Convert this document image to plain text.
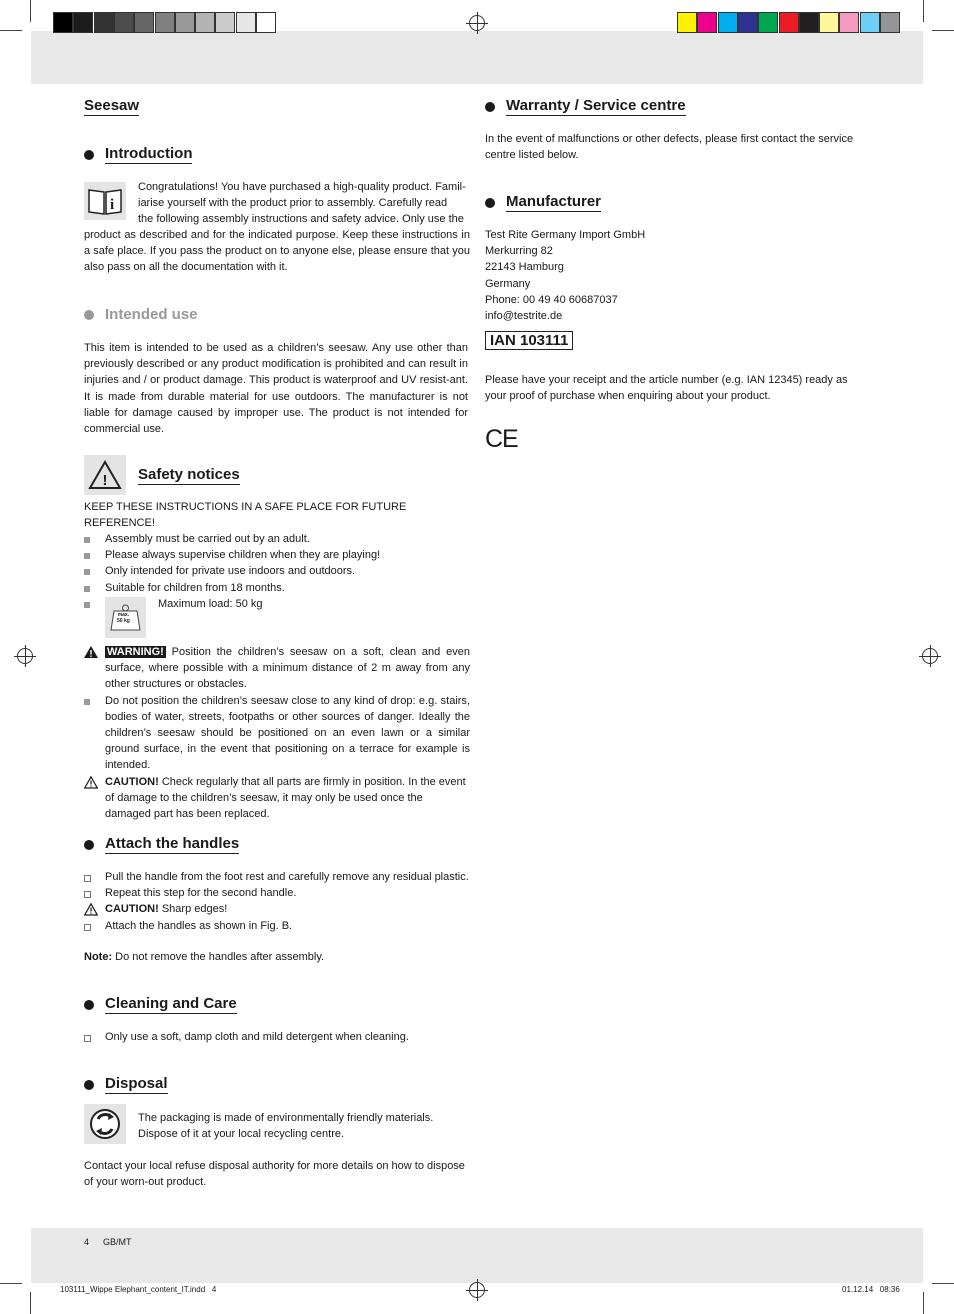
Seesaw
Introduction
i
Congratulations! You have purchased a high-quality product. Famil-
iarise yourself with the product prior to assembly. Carefully read
the following assembly instructions and safety advice. Only use the
product as described and for the indicated purpose. Keep these instructions in a safe place. If you pass the product on to anyone else, please ensure that you also pass on all the documentation with it.
Intended use
This item is intended to be used as a children’s seesaw. Any use other than previously described or any product modification is prohibited and can result in injuries and / or product damage. This product is waterproof and UV resist-ant. It is made from durable material for use outdoors. The manufacturer is not liable for damage caused by improper use. The product is not intended for commercial use.
! Safety notices
KEEP THESE INSTRUCTIONS IN A SAFE PLACE FOR FUTURE REFERENCE!
Assembly must be carried out by an adult.
Please always supervise children when they are playing!
Only intended for private use indoors and outdoors.
Suitable for children from 18 months.
max.
50 kg
Maximum load: 50 kg
WARNING! Position the children’s seesaw on a soft, clean and even surface, where possible with a minimum distance of 2 m away from any other structures or obstacles.
Do not position the children’s seesaw close to any kind of drop: e.g. stairs, bodies of water, streets, footpaths or other sources of danger. Ideally the children’s seesaw should be positioned on an even lawn or a similar ground surface, in the event that positioning on a terrace for example is intended.
CAUTION! Check regularly that all parts are firmly in position. In the event of damage to the children’s seesaw, it may only be used once the damaged part has been replaced.
Attach the handles
Pull the handle from the foot rest and carefully remove any residual plastic.
Repeat this step for the second handle.
CAUTION! Sharp edges!
Attach the handles as shown in Fig. B.
Note: Do not remove the handles after assembly.
Cleaning and Care
Only use a soft, damp cloth and mild detergent when cleaning.
Disposal
The packaging is made of environmentally friendly materials.
Dispose of it at your local recycling centre.
Contact your local refuse disposal authority for more details on how to dispose of your worn-out product.
Warranty / Service centre
In the event of malfunctions or other defects, please first contact the service centre listed below.
Manufacturer
Test Rite Germany Import GmbH
Merkurring 82
22143 Hamburg
Germany
Phone: 00 49 40 60687037
info@testrite.de
IAN 103111
Please have your receipt and the article number (e.g. IAN 12345) ready as your proof of purchase when enquiring about your product.
CE
4 GB/MT
103111_Wippe Elephant_content_IT.indd   4	01.12.14   08:36
